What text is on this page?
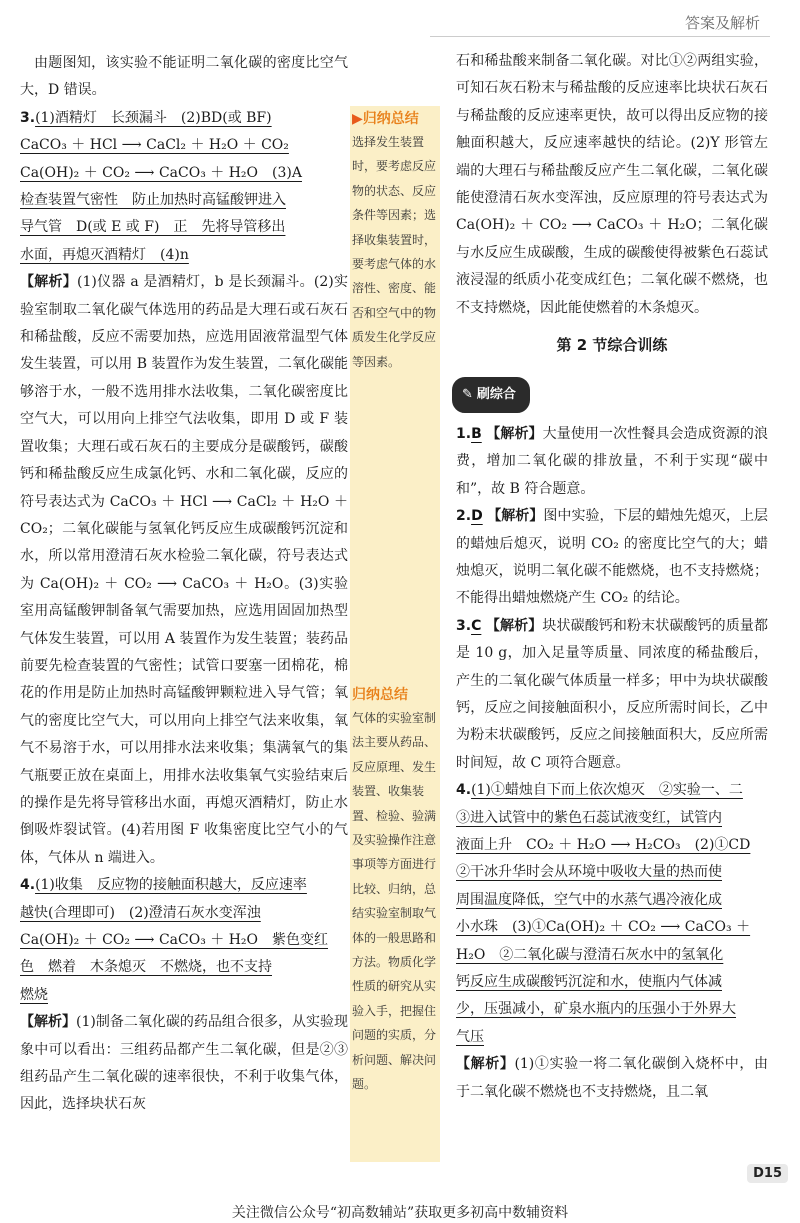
答案及解析

由题图知，该实验不能证明二氧化碳的密度比空气大，D 错误。

3.(1)酒精灯　长颈漏斗　(2)BD(或 BF)
CaCO₃ ＋ HCl ⟶ CaCl₂ ＋ H₂O ＋ CO₂
Ca(OH)₂ ＋ CO₂ ⟶ CaCO₃ ＋ H₂O　(3)A
检查装置气密性　防止加热时高锰酸钾进入
导气管　D(或 E 或 F)　正　先将导管移出
水面，再熄灭酒精灯　(4)n

【解析】(1)仪器 a 是酒精灯，b 是长颈漏斗。(2)实验室制取二氧化碳气体选用的药品是大理石或石灰石和稀盐酸，反应不需要加热，应选用固液常温型气体发生装置，可以用 B 装置作为发生装置，二氧化碳能够溶于水，一般不选用排水法收集，二氧化碳密度比空气大，可以用向上排空气法收集，即用 D 或 F 装置收集；大理石或石灰石的主要成分是碳酸钙，碳酸钙和稀盐酸反应生成氯化钙、水和二氧化碳，反应的符号表达式为 CaCO₃ ＋ HCl ⟶ CaCl₂ ＋ H₂O ＋ CO₂；二氧化碳能与氢氧化钙反应生成碳酸钙沉淀和水，所以常用澄清石灰水检验二氧化碳，符号表达式为 Ca(OH)₂ ＋ CO₂ ⟶ CaCO₃ ＋ H₂O。(3)实验室用高锰酸钾制备氧气需要加热，应选用固固加热型气体发生装置，可以用 A 装置作为发生装置；装药品前要先检查装置的气密性；试管口要塞一团棉花，棉花的作用是防止加热时高锰酸钾颗粒进入导气管；氧气的密度比空气大，可以用向上排空气法来收集，氧气不易溶于水，可以用排水法来收集；集满氧气的集气瓶要正放在桌面上，用排水法收集氧气实验结束后的操作是先将导管移出水面，再熄灭酒精灯，防止水倒吸炸裂试管。(4)若用图 F 收集密度比空气小的气体，气体从 n 端进入。

4.(1)收集　反应物的接触面积越大，反应速率
越快(合理即可)　(2)澄清石灰水变浑浊
Ca(OH)₂ ＋ CO₂ ⟶ CaCO₃ ＋ H₂O　紫色变红
色　燃着　木条熄灭　不燃烧，也不支持
燃烧

【解析】(1)制备二氧化碳的药品组合很多，从实验现象中可以看出：三组药品都产生二氧化碳，但是②③组药品产生二氧化碳的速率很快，不利于收集气体，因此，选择块状石灰

▶归纳总结
选择发生装置时，要考虑反应物的状态、反应条件等因素；选择收集装置时，要考虑气体的水溶性、密度、能否和空气中的物质发生化学反应等因素。
归纳总结
气体的实验室制法主要从药品、反应原理、发生装置、收集装置、检验、验满及实验操作注意事项等方面进行比较、归纳，总结实验室制取气体的一般思路和方法。物质化学性质的研究从实验入手，把握住问题的实质，分析问题、解决问题。

石和稀盐酸来制备二氧化碳。对比①②两组实验，可知石灰石粉末与稀盐酸的反应速率比块状石灰石与稀盐酸的反应速率更快，故可以得出反应物的接触面积越大，反应速率越快的结论。(2)Y 形管左端的大理石与稀盐酸反应产生二氧化碳，二氧化碳能使澄清石灰水变浑浊，反应原理的符号表达式为 Ca(OH)₂ ＋ CO₂ ⟶ CaCO₃ ＋ H₂O；二氧化碳与水反应生成碳酸，生成的碳酸使得被紫色石蕊试液浸湿的纸质小花变成红色；二氧化碳不燃烧，也不支持燃烧，因此能使燃着的木条熄灭。

第 2 节综合训练
✎ 刷综合

1.B 【解析】大量使用一次性餐具会造成资源的浪费，增加二氧化碳的排放量，不利于实现“碳中和”，故 B 符合题意。

2.D 【解析】图中实验，下层的蜡烛先熄灭，上层的蜡烛后熄灭，说明 CO₂ 的密度比空气的大；蜡烛熄灭，说明二氧化碳不能燃烧，也不支持燃烧；不能得出蜡烛燃烧产生 CO₂ 的结论。

3.C 【解析】块状碳酸钙和粉末状碳酸钙的质量都是 10 g，加入足量等质量、同浓度的稀盐酸后，产生的二氧化碳气体质量一样多；甲中为块状碳酸钙，反应之间接触面积小，反应所需时间长，乙中为粉末状碳酸钙，反应之间接触面积大，反应所需时间短，故 C 项符合题意。

4.(1)①蜡烛自下而上依次熄灭　②实验一、二
③进入试管中的紫色石蕊试液变红，试管内
液面上升　CO₂ ＋ H₂O ⟶ H₂CO₃　(2)①CD
②干冰升华时会从环境中吸收大量的热而使
周围温度降低，空气中的水蒸气遇冷液化成
小水珠　(3)①Ca(OH)₂ ＋ CO₂ ⟶ CaCO₃ ＋
H₂O　②二氧化碳与澄清石灰水中的氢氧化
钙反应生成碳酸钙沉淀和水，使瓶内气体减
少，压强减小，矿泉水瓶内的压强小于外界大
气压

【解析】(1)①实验一将二氧化碳倒入烧杯中，由于二氧化碳不燃烧也不支持燃烧，且二氧

D15
关注微信公众号“初高数辅站”获取更多初高中数辅资料
